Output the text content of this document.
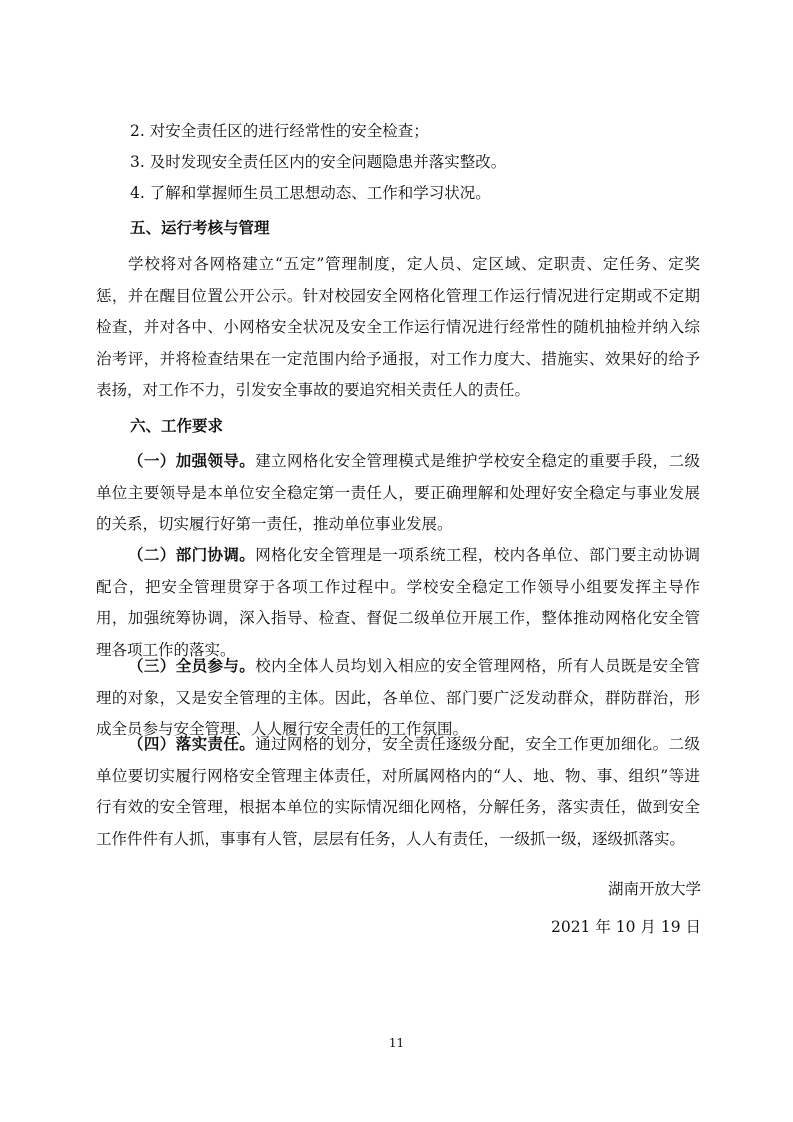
2. 对安全责任区的进行经常性的安全检查；
3. 及时发现安全责任区内的安全问题隐患并落实整改。
4. 了解和掌握师生员工思想动态、工作和学习状况。
五、运行考核与管理

学校将对各网格建立“五定”管理制度，定人员、定区域、定职责、定任务、定奖惩，并在醒目位置公开公示。针对校园安全网格化管理工作运行情况进行定期或不定期检查，并对各中、小网格安全状况及安全工作运行情况进行经常性的随机抽检并纳入综治考评，并将检查结果在一定范围内给予通报，对工作力度大、措施实、效果好的给予表扬，对工作不力，引发安全事故的要追究相关责任人的责任。

六、工作要求

（一）加强领导。建立网格化安全管理模式是维护学校安全稳定的重要手段，二级单位主要领导是本单位安全稳定第一责任人，要正确理解和处理好安全稳定与事业发展的关系，切实履行好第一责任，推动单位事业发展。

（二）部门协调。网格化安全管理是一项系统工程，校内各单位、部门要主动协调配合，把安全管理贯穿于各项工作过程中。学校安全稳定工作领导小组要发挥主导作用，加强统筹协调，深入指导、检查、督促二级单位开展工作，整体推动网格化安全管理各项工作的落实。

（三）全员参与。校内全体人员均划入相应的安全管理网格，所有人员既是安全管理的对象，又是安全管理的主体。因此，各单位、部门要广泛发动群众，群防群治，形成全员参与安全管理、人人履行安全责任的工作氛围。

（四）落实责任。通过网格的划分，安全责任逐级分配，安全工作更加细化。二级单位要切实履行网格安全管理主体责任，对所属网格内的“人、地、物、事、组织”等进行有效的安全管理，根据本单位的实际情况细化网格，分解任务，落实责任，做到安全工作件件有人抓，事事有人管，层层有任务，人人有责任，一级抓一级，逐级抓落实。

湖南开放大学
2021 年 10 月 19 日
11
